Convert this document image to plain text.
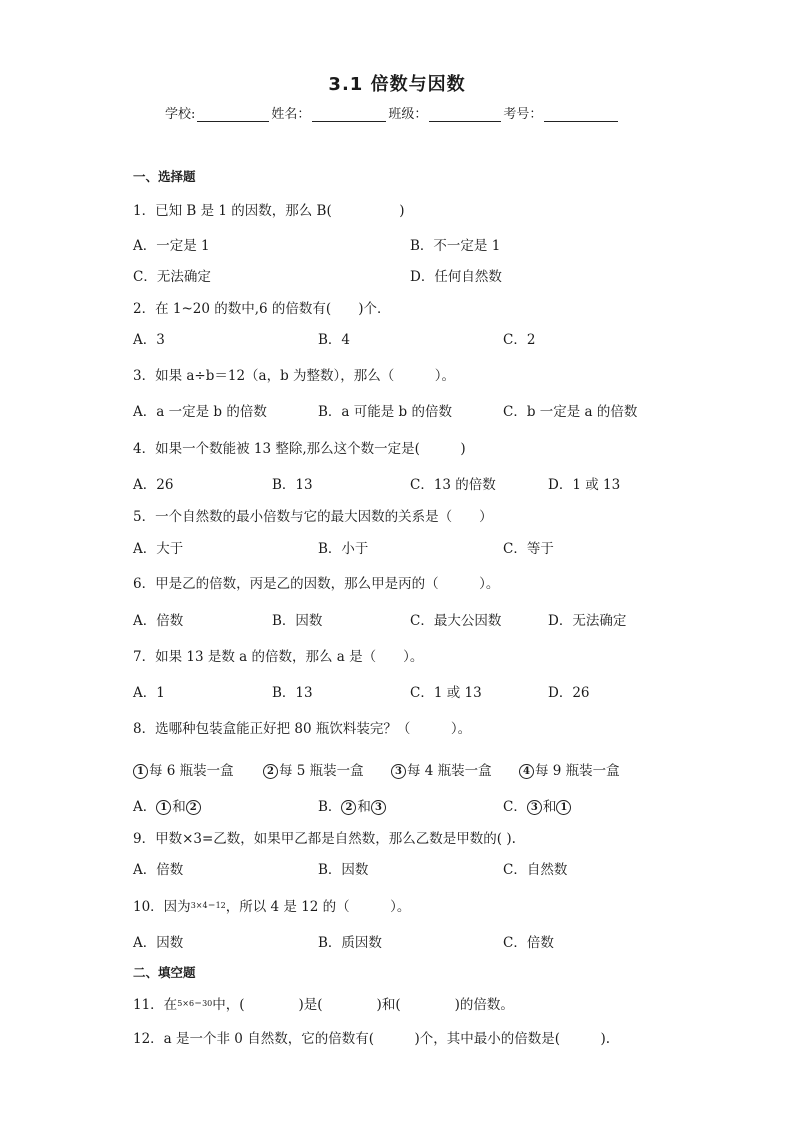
3.1 倍数与因数
学校:	姓名：	班级：	考号：
一、选择题
1．已知 B 是 1 的因数，那么 B(　　　　　)
A．一定是 1	B．不一定是 1
C．无法确定	D．任何自然数
2．在 1~20 的数中,6 的倍数有(　　)个．
A．3	B．4	C．2
3．如果 a÷b＝12（a，b 为整数），那么（　　　）。
A．a 一定是 b 的倍数	B．a 可能是 b 的倍数	C．b 一定是 a 的倍数
4．如果一个数能被 13 整除,那么这个数一定是(　　　)
A．26	B．13	C．13 的倍数	D．1 或 13
5．一个自然数的最小倍数与它的最大因数的关系是（　　）
A．大于	B．小于	C．等于
6．甲是乙的倍数，丙是乙的因数，那么甲是丙的（　　　）。
A．倍数	B．因数	C．最大公因数	D．无法确定
7．如果 13 是数 a 的倍数，那么 a 是（　　）。
A．1	B．13	C．1 或 13	D．26
8．选哪种包装盒能正好把 80 瓶饮料装完？（　　　）。
1 每 6 瓶装一盒	2 每 5 瓶装一盒	3 每 4 瓶装一盒	4 每 9 瓶装一盒
A． 1 和 2	B． 2 和 3	C． 3 和 1
9．甲数×3=乙数，如果甲乙都是自然数，那么乙数是甲数的( ).
A．倍数	B．因数	C．自然数
10．因为$^{3\times 4=12}$，所以 4 是 12 的（　　　）。
A．因数	B．质因数	C．倍数
二、填空题
11．在$^{5\times 6=30}$中，(　　　　)是(　　　　)和(　　　　)的倍数。
12．a 是一个非 0 自然数，它的倍数有(　　　)个，其中最小的倍数是(　　　).
